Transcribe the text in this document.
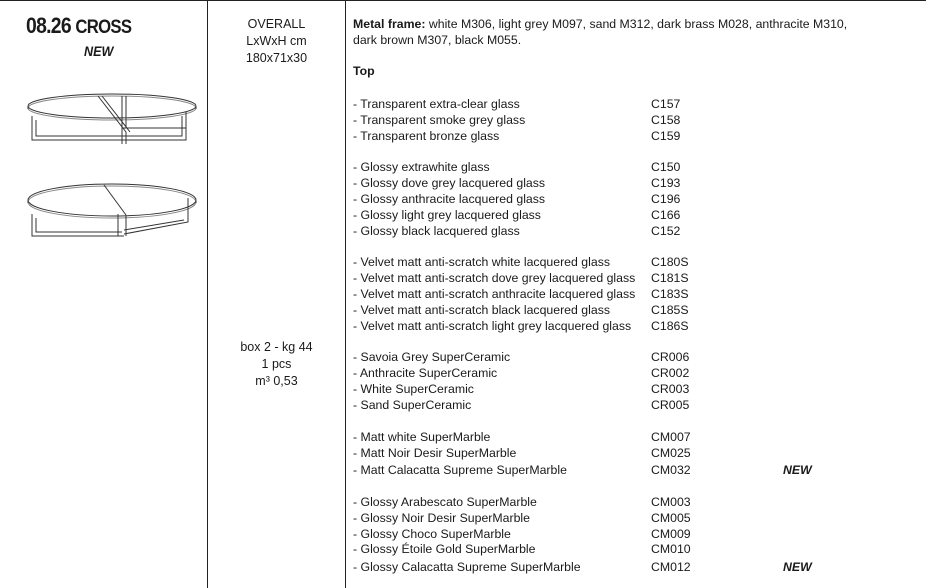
08.26 CROSS
NEW
OVERALL
LxWxH cm
180x71x30
box 2 - kg 44
1 pcs
m³ 0,53
Metal frame: white M306, light grey M097, sand M312, dark brass M028, anthracite M310,
dark brown M307, black M055.
Top
- Transparent extra-clear glass	C157
- Transparent smoke grey glass	C158
- Transparent bronze glass	C159
- Glossy extrawhite glass	C150
- Glossy dove grey lacquered glass	C193
- Glossy anthracite lacquered glass	C196
- Glossy light grey lacquered glass	C166
- Glossy black lacquered glass	C152
- Velvet matt anti-scratch white lacquered glass	C180S
- Velvet matt anti-scratch dove grey lacquered glass C181S
- Velvet matt anti-scratch anthracite lacquered glass C183S
- Velvet matt anti-scratch black lacquered glass	C185S
- Velvet matt anti-scratch light grey lacquered glass C186S
- Savoia Grey SuperCeramic	CR006
- Anthracite SuperCeramic	CR002
- White SuperCeramic	CR003
- Sand SuperCeramic	CR005
- Matt white SuperMarble	CM007
- Matt Noir Desir SuperMarble	CM025
- Matt Calacatta Supreme SuperMarble	CM032	NEW
- Glossy Arabescato SuperMarble	CM003
- Glossy Noir Desir SuperMarble	CM005
- Glossy Choco SuperMarble	CM009
- Glossy Étoile Gold SuperMarble	CM010
- Glossy Calacatta Supreme SuperMarble	CM012	NEW
